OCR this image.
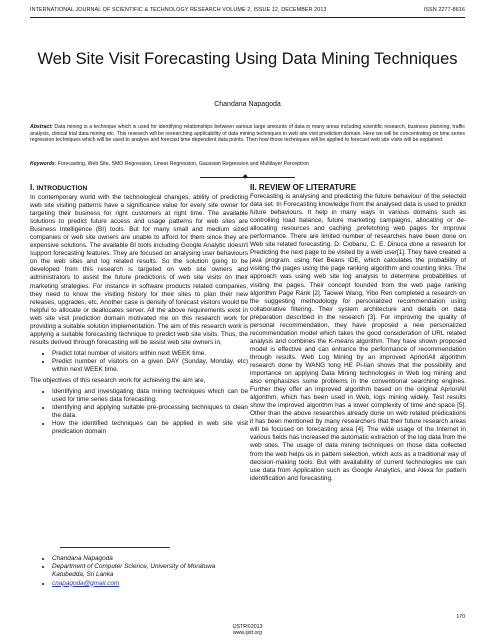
INTERNATIONAL JOURNAL OF SCIENTIFIC & TECHNOLOGY RESEARCH VOLUME 2, ISSUE 12, DECEMBER 2013	ISSN 2277-8616
Web Site Visit Forecasting Using Data Mining Techniques
Chandana Napagoda
Abstract: Data mining is a technique which is used for identifying relationships between various large amounts of data in many areas including scientific research, business planning, traffic analysis, clinical trial data mining etc. This research will be researching applicability of data mining techniques in web site visit prediction domain. Here we will be concentrating on time series regression techniques which will be used to analyse and forecast time dependent data points. Then how those techniques will be applied to forecast web site visits will be explained.
Keywords: Forecasting, Web Site, SMO Regression, Linear Regression, Gaussian Regression and Multilayer Perceptron
◆
I. INTRODUCTION

In contemporary world with the technological changes, ability of predicting web site visiting patterns have a significance value for every site owner for targeting their business for right customers at right time. The available solutions to predict future access and usage patterns for web sites are Business Intelligence (BI) tools. But for many small and medium sized companies or web site owners are unable to afford for them since they are expensive solutions. The available BI tools including Google Analytic doesn't support forecasting features. They are focused on analysing user behaviours on the web sites and log related results. So the solution going to be developed from this research is targeted on web site owners and administrators to assist the future predictions of web site visits on their marketing strategies. For instance in software products related companies, they need to know the visiting history for their sites to plan their new releases, upgrades, etc. Another case is density of forecast visitors would be helpful to allocate or deallocates server. All the above requirements exist in web site visit prediction domain motivated me on this research work for providing a suitable solution implementation. The aim of this research work is applying a suitable forecasting technique to predict web site visits. Thus, the results derived through forecasting will be assist web site owners in,

• Predict total number of visitors within next WEEK time.
• Predict number of visitors on a given DAY (Sunday, Monday, etc) within next WEEK time.

The objectives of this research work for achieving the aim are,

• Identifying and investigating data mining techniques which can be used for time series data forecasting.
• Identifying and applying suitable pre-processing techniques to clean the data.
• How the identified techniques can be applied in web site visit predication domain
• Chandana Napagoda
• Department of Computer Science, University of Moratuwa Katubedda, Sri Lanka
• cnapagoda@gmail.com
II. REVIEW OF LITERATURE

Forecasting is analysing and predicting the future behaviour of the selected data set. In Forecasting knowledge from the analysed data is used to predict future behaviours. It help in many ways in various domains such as controlling load balance, future marketing campaigns, allocating or de-allocating resources and caching ,prefetching web pages for improve performance. There are limited number of researches have been done on Web site related forecasting. D. Ciobanu, C. E. Dinuca done a research for Predicting the next page to be visited by a web user[1]. They have created a java program, using Net Beans IDE, which calculates the probability of visiting the pages using the page ranking algorithm and counting links. The approach was using web site log analysis to determine probabilities of visiting the pages. Their concept founded from the web page ranking algorithm Page Rank [2]. Taowei Wang, Yibo Ren completed a research on the suggesting methodology for personalized recommendation using collaborative filtering. Their system architecture and details on data preparation described in the research [3]. For improving the quality of personal recommendation, they have proposed a new personalized recommendation model which takes the good consideration of URL related analysis and combines the K-means algorithm. They have shown proposed model is effective and can enhance the performance of recommendation through results. Web Log Mining by an improved AprioriAll algorithm research done by WANG tong HE Pi-lian shows that the possibility and importance on applying Data Mining technologies in Web log mining and also emphasizes some problems in the conventional searching engines. Further they offer an improved algorithm based on the original AprioriAll algorithm, which has been used in Web, logs mining widely. Test results show the improved algorithm has a lower complexity of time and space [5]. Other than the above researches already done on web related predications it has been mentioned by many researchers that their future research areas will be focused on forecasting area [4]. The wide usage of the Internet in various fields has increased the automatic extraction of the log data from the web sites. The usage of data mining techniques on those data collected from the web helps us in pattern selection, which acts as a traditional way of decision-making tools. But with availability of current technologies we can use data from Application such as Google Analytics, and Alexa for pattern identification and forecasting.

170
IJSTR©2013
www.ijstr.org
